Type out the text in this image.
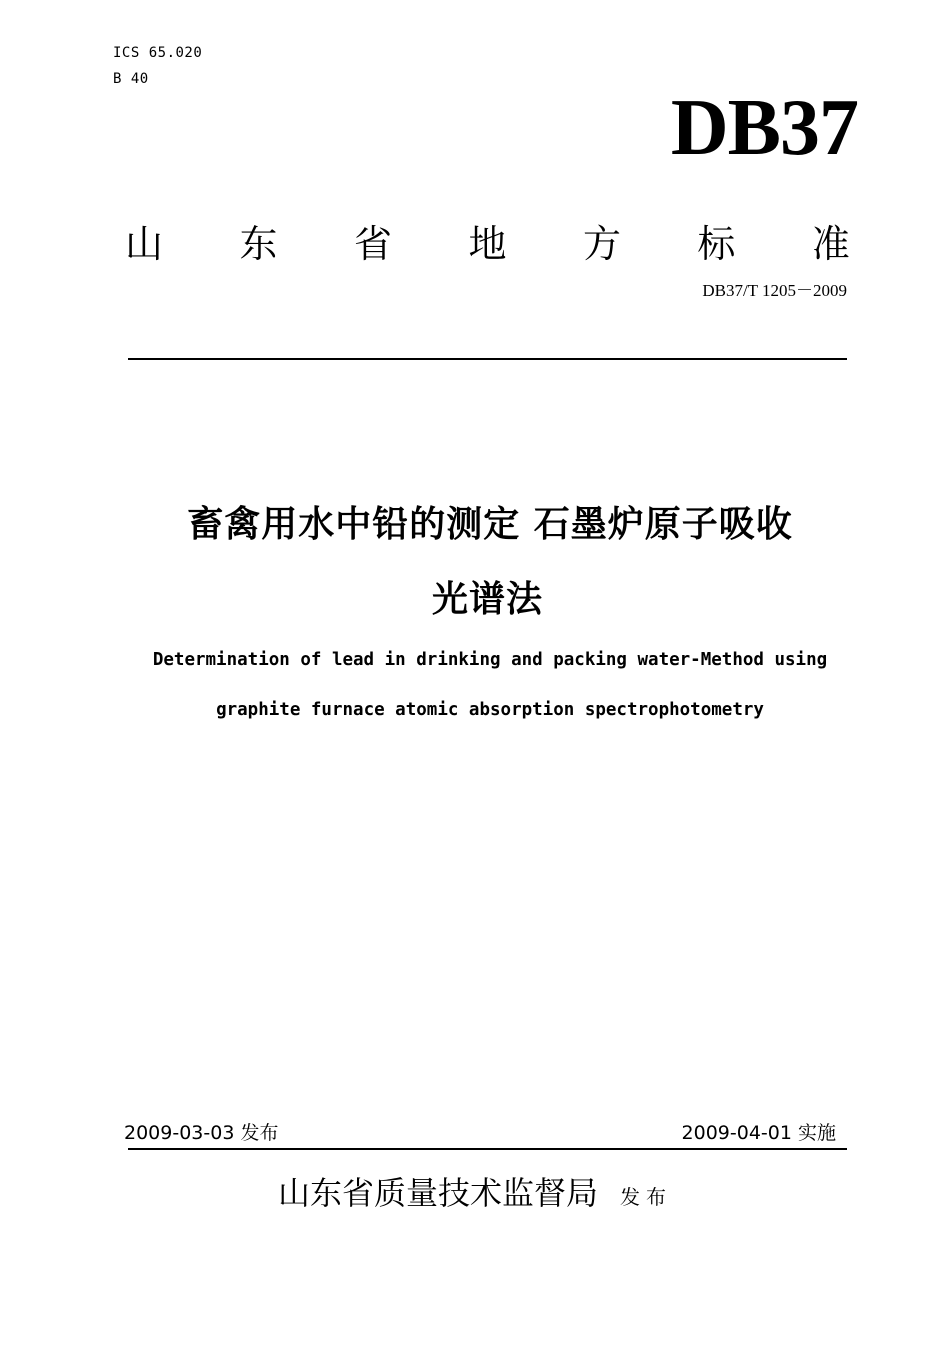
ICS 65.020
B 40
DB37
山 东 省 地 方 标 准
DB37/T 1205－2009
畜禽用水中铅的测定 石墨炉原子吸收
光谱法
Determination of lead in drinking and packing water-Method using
graphite furnace atomic absorption spectrophotometry
2009-03-03 发布	2009-04-01 实施
山东省质量技术监督局 发布
